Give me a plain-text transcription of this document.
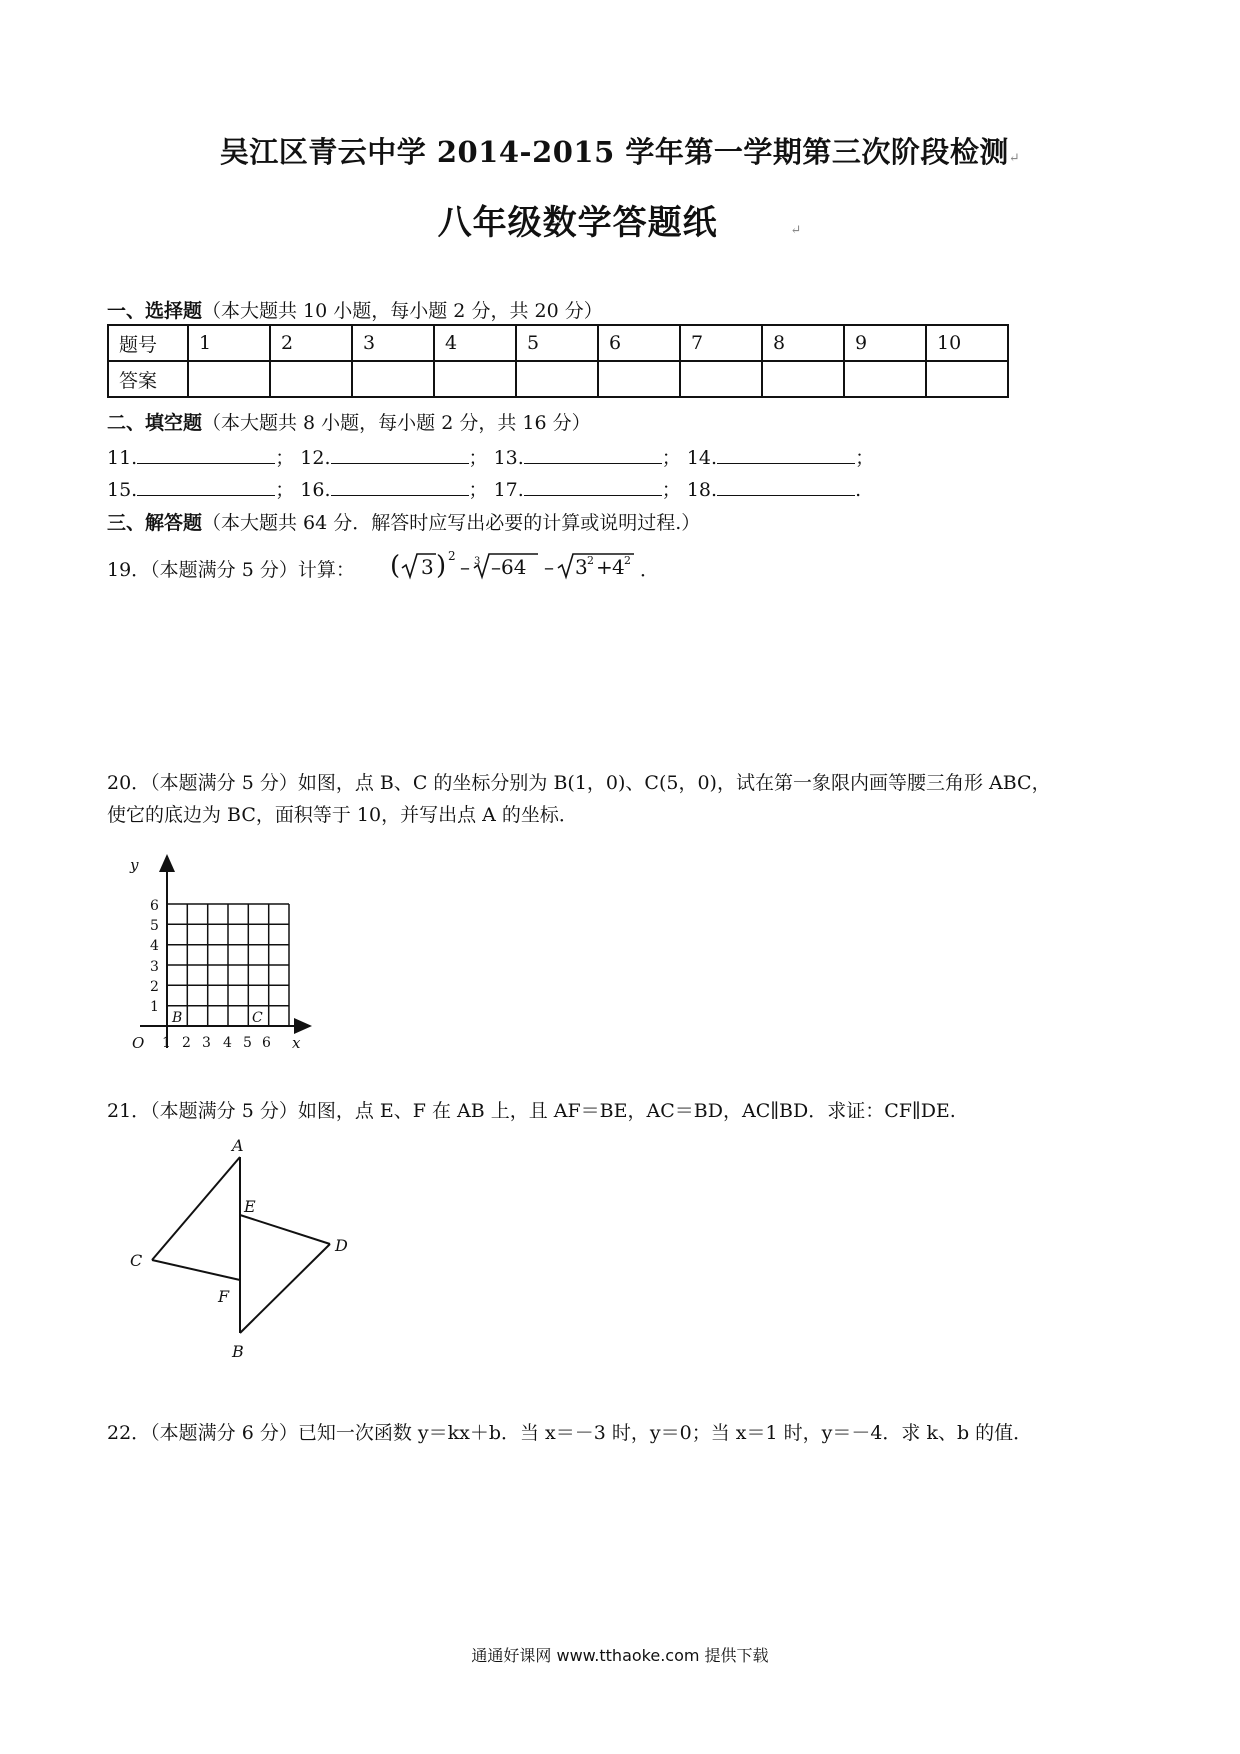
吴江区青云中学 2014-2015 学年第一学期第三次阶段检测↵
八年级数学答题纸	↵
一、选择题（本大题共 10 小题，每小题 2 分，共 20 分）
题号	1	2	3	4	5	6	7	8	9	10
答案										
二、填空题（本大题共 8 小题，每小题 2 分，共 16 分）
11.	； 12.	； 13.	； 14.	；
15.	； 16.	； 17.	； 18.	.
三、解答题（本大题共 64 分．解答时应写出必要的计算或说明过程.）
19．（本题满分 5 分）计算： ( 3 ) 2 – 3 –64 – 3 2 + 4 2 ．
20．（本题满分 5 分）如图，点 B、C 的坐标分别为 B(1，0)、C(5，0)，试在第一象限内画等腰三角形 ABC，
使它的底边为 BC，面积等于 10，并写出点 A 的坐标．
y
x
O
B	C
1 2 3 4 5 6
1
2
3
4
5
6
21．（本题满分 5 分）如图，点 E、F 在 AB 上，且 AF＝BE，AC＝BD，AC∥BD．求证：CF∥DE.
A
B
C
D
E
F
22．（本题满分 6 分）已知一次函数 y＝kx＋b．当 x＝－3 时，y＝0；当 x＝1 时，y＝－4．求 k、b 的值．
通通好课网 www.tthaoke.com 提供下载
